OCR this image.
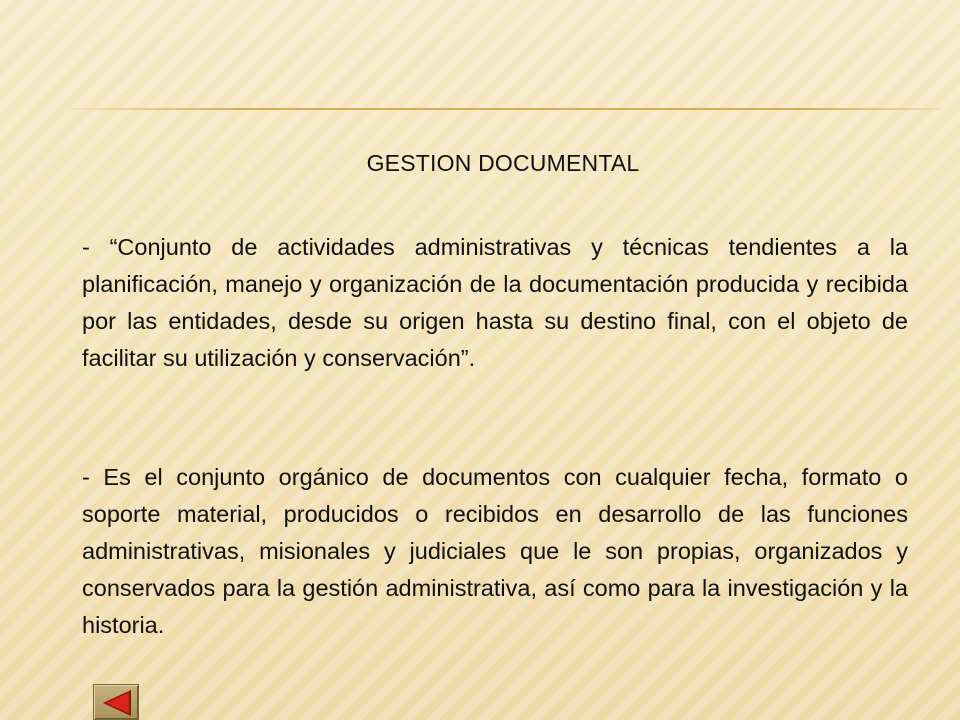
GESTION DOCUMENTAL

- “Conjunto de actividades administrativas y técnicas tendientes a la planificación, manejo y organización de la documentación producida y recibida por las entidades, desde su origen hasta su destino final, con el objeto de facilitar su utilización y conservación”.

- Es el conjunto orgánico de documentos con cualquier fecha, formato o soporte material, producidos o recibidos en desarrollo de las funciones administrativas, misionales y judiciales que le son propias, organizados y conservados para la gestión administrativa, así como para la investigación y la historia.
